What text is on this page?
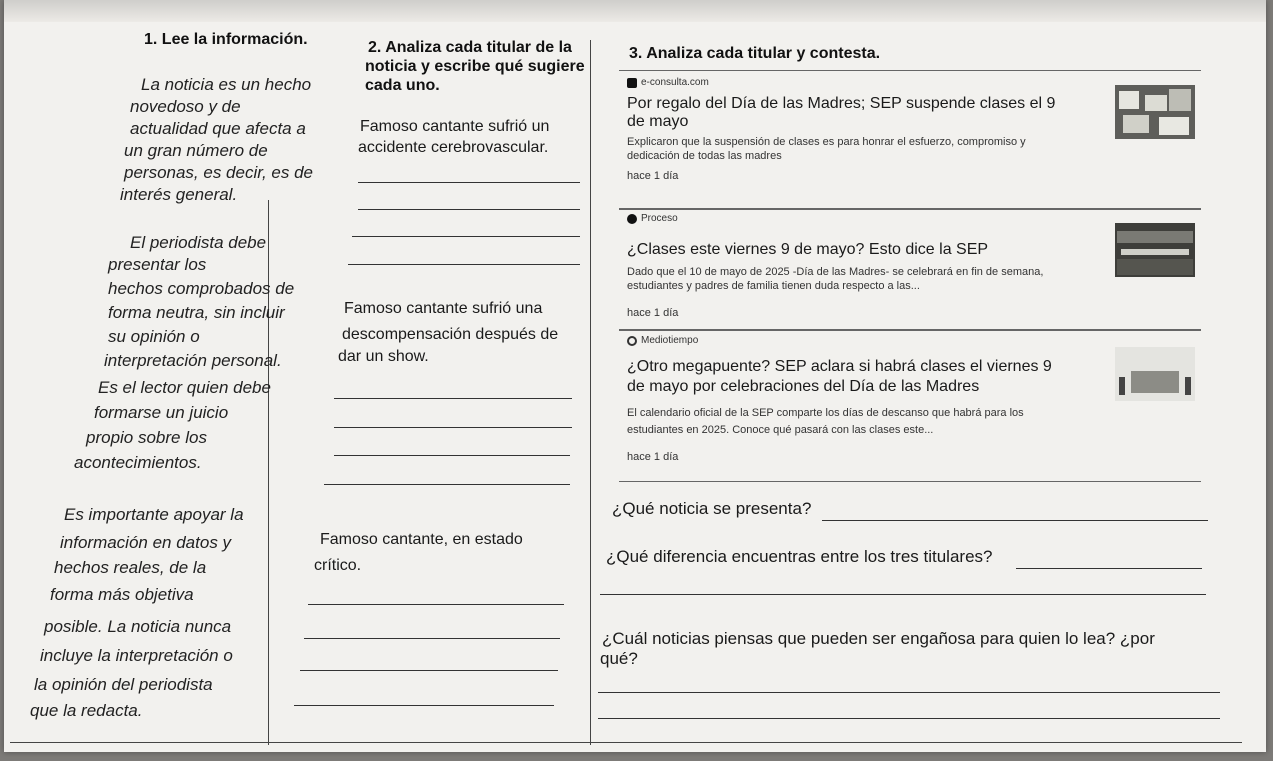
1. Lee la información.

La noticia es un hecho

novedoso y de

actualidad que afecta a

un gran número de

personas, es decir, es de

interés general.

El periodista debe

presentar los

hechos comprobados de

forma neutra, sin incluir

su opinión o

interpretación personal.

Es el lector quien debe

formarse un juicio

propio sobre los

acontecimientos.

Es importante apoyar la

información en datos y

hechos reales, de la

forma más objetiva

posible. La noticia nunca

incluye la interpretación o

la opinión del periodista

que la redacta.

2. Analiza cada titular de la
noticia y escribe qué sugiere
cada uno.
Famoso cantante sufrió un
accidente cerebrovascular.
Famoso cantante sufrió una
descompensación después de
dar un show.
Famoso cantante, en estado
crítico.
3. Analiza cada titular y contesta.
e-consulta.com
Por regalo del Día de las Madres; SEP suspende clases el 9
de mayo
Explicaron que la suspensión de clases es para honrar el esfuerzo, compromiso y
dedicación de todas las madres
hace 1 día
Proceso
¿Clases este viernes 9 de mayo? Esto dice la SEP
Dado que el 10 de mayo de 2025 -Día de las Madres- se celebrará en fin de semana,
estudiantes y padres de familia tienen duda respecto a las...
hace 1 día
Mediotiempo
¿Otro megapuente? SEP aclara si habrá clases el viernes 9
de mayo por celebraciones del Día de las Madres
El calendario oficial de la SEP comparte los días de descanso que habrá para los
estudiantes en 2025. Conoce qué pasará con las clases este...
hace 1 día
¿Qué noticia se presenta?
¿Qué diferencia encuentras entre los tres titulares?
¿Cuál noticias piensas que pueden ser engañosa para quien lo lea? ¿por
qué?
